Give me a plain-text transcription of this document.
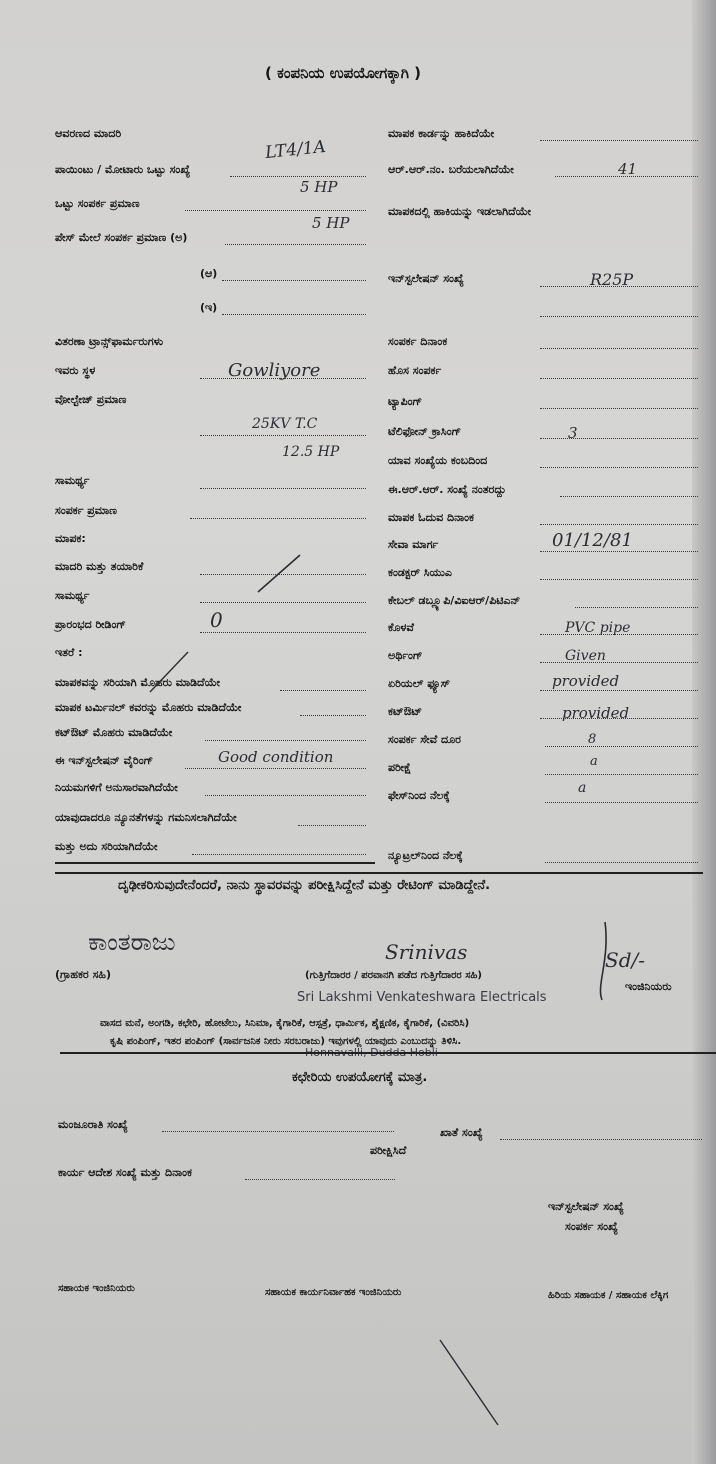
( ಕಂಪನಿಯ ಉಪಯೋಗಕ್ಕಾಗಿ )
ಆವರಣದ ಮಾದರಿ
ಪಾಯಿಂಟು / ಮೋಟಾರು ಒಟ್ಟು ಸಂಖ್ಯೆ
ಒಟ್ಟು ಸಂಪರ್ಕ ಪ್ರಮಾಣ
ಪೇಸ್ ಮೇಲೆ ಸಂಪರ್ಕ ಪ್ರಮಾಣ (ಅ)
(ಆ)
(ಇ)
ವಿತರಣಾ ಟ್ರಾನ್ಸ್‌ಫಾರ್ಮರುಗಳು
ಇವರು ಸ್ಥಳ
ವೋಲ್ಟೇಜ್ ಪ್ರಮಾಣ
ಸಾಮರ್ಥ್ಯ
ಸಂಪರ್ಕ ಪ್ರಮಾಣ
ಮಾಪಕ:
ಮಾದರಿ ಮತ್ತು ತಯಾರಿಕೆ
ಸಾಮರ್ಥ್ಯ
ಪ್ರಾರಂಭದ ರೀಡಿಂಗ್
ಇತರೆ :
ಮಾಪಕವನ್ನು ಸರಿಯಾಗಿ ಮೊಹರು ಮಾಡಿದೆಯೇ
ಮಾಪಕ ಟರ್ಮಿನಲ್ ಕವರನ್ನು ಮೊಹರು ಮಾಡಿದೆಯೇ
ಕಟ್‌ಔಟ್ ಮೊಹರು ಮಾಡಿದೆಯೇ
ಈ ಇನ್‌ಸ್ಟಲೇಷನ್ ವೈರಿಂಗ್
ನಿಯಮಗಳಿಗೆ ಅನುಸಾರವಾಗಿದೆಯೇ
ಯಾವುದಾದರೂ ನ್ಯೂನತೆಗಳನ್ನು ಗಮನಿಸಲಾಗಿದೆಯೇ
ಮತ್ತು ಅದು ಸರಿಯಾಗಿದೆಯೇ
ಮಾಪಕ ಕಾರ್ಡನ್ನು ಹಾಕಿದೆಯೇ
ಆರ್.ಆರ್.ನಂ. ಬರೆಯಲಾಗಿದೆಯೇ
ಮಾಪಕದಲ್ಲಿ ಹಾಕಿಯನ್ನು ಇಡಲಾಗಿದೆಯೇ
ಇನ್‌ಸ್ಟಲೇಷನ್ ಸಂಖ್ಯೆ
ಸಂಪರ್ಕ ದಿನಾಂಕ
ಹೊಸ ಸಂಪರ್ಕ
ಟ್ಯಾಪಿಂಗ್
ಟೆಲಿಫೋನ್ ಕ್ರಾಸಿಂಗ್
ಯಾವ ಸಂಖ್ಯೆಯ ಕಂಬದಿಂದ
ಈ.ಆರ್.ಆರ್. ಸಂಖ್ಯೆ ನಂತರದ್ದು
ಮಾಪಕ ಓದುವ ದಿನಾಂಕ
ಸೇವಾ ಮಾರ್ಗ
ಕಂಡಕ್ಟರ್ ಸಿಯುಎ
ಕೇಬಲ್ ಡಬ್ಲ್ಯೂಪಿ/ವಿಐಆರ್/ಪಿಟಿಎನ್
ಕೊಳವೆ
ಅರ್ಥಿಂಗ್
ಏರಿಯಲ್ ಫ್ಯೂಸ್
ಕಟ್‌ಔಟ್
ಸಂಪರ್ಕ ಸೇವೆ ದೂರ
ಪರೀಕ್ಷೆ
ಫೇಸ್‌ನಿಂದ ನೆಲಕ್ಕೆ
ನ್ಯೂಟ್ರಲ್‌ನಿಂದ ನೆಲಕ್ಕೆ
LT4/1A
5 HP
5 HP
Gowliyore
25KV T.C
12.5 HP
0
Good condition
41
R25P
3
01/12/81
PVC pipe
Given
provided
provided
8
a
a
ದೃಢೀಕರಿಸುವುದೇನೆಂದರೆ, ನಾನು ಸ್ಥಾವರವನ್ನು ಪರೀಕ್ಷಿಸಿದ್ದೇನೆ ಮತ್ತು ರೇಟಿಂಗ್ ಮಾಡಿದ್ದೇನೆ.
ಕಾಂತರಾಜು
(ಗ್ರಾಹಕರ ಸಹಿ)
Srinivas
(ಗುತ್ತಿಗೆದಾರರ / ಪರವಾನಗಿ ಪಡೆದ ಗುತ್ತಿಗೆದಾರರ ಸಹಿ)
Sd/-
ಇಂಜಿನಿಯರು
Sri Lakshmi Venkateshwara Electricals
Honnavalli, Dudda Hobli
ವಾಸದ ಮನೆ, ಅಂಗಡಿ, ಕಛೇರಿ, ಹೋಟೆಲು, ಸಿನಿಮಾ, ಕೈಗಾರಿಕೆ, ಆಸ್ಪತ್ರೆ, ಧಾರ್ಮಿಕ, ಶೈಕ್ಷಣಿಕ, ಕೈಗಾರಿಕೆ, (ವಿವರಿಸಿ)
ಕೃಷಿ ಪಂಪಿಂಗ್, ಇತರ ಪಂಪಿಂಗ್ (ಸಾರ್ವಜನಿಕ ನೀರು ಸರಬರಾಜು) ಇವುಗಳಲ್ಲಿ ಯಾವುದು ಎಂಬುದನ್ನು ತಿಳಿಸಿ.
ಕಛೇರಿಯ ಉಪಯೋಗಕ್ಕೆ ಮಾತ್ರ.
ಮಂಜೂರಾತಿ ಸಂಖ್ಯೆ
ಖಾತೆ ಸಂಖ್ಯೆ
ಪರೀಕ್ಷಿಸಿದೆ
ಕಾರ್ಯ ಆದೇಶ ಸಂಖ್ಯೆ ಮತ್ತು ದಿನಾಂಕ
ಇನ್‌ಸ್ಟಲೇಷನ್ ಸಂಖ್ಯೆ
ಸಂಪರ್ಕ ಸಂಖ್ಯೆ
ಸಹಾಯಕ ಇಂಜಿನಿಯರು	ಸಹಾಯಕ ಕಾರ್ಯನಿರ್ವಾಹಕ ಇಂಜಿನಿಯರು	ಹಿರಿಯ ಸಹಾಯಕ / ಸಹಾಯಕ ಲೆಕ್ಕಿಗ
